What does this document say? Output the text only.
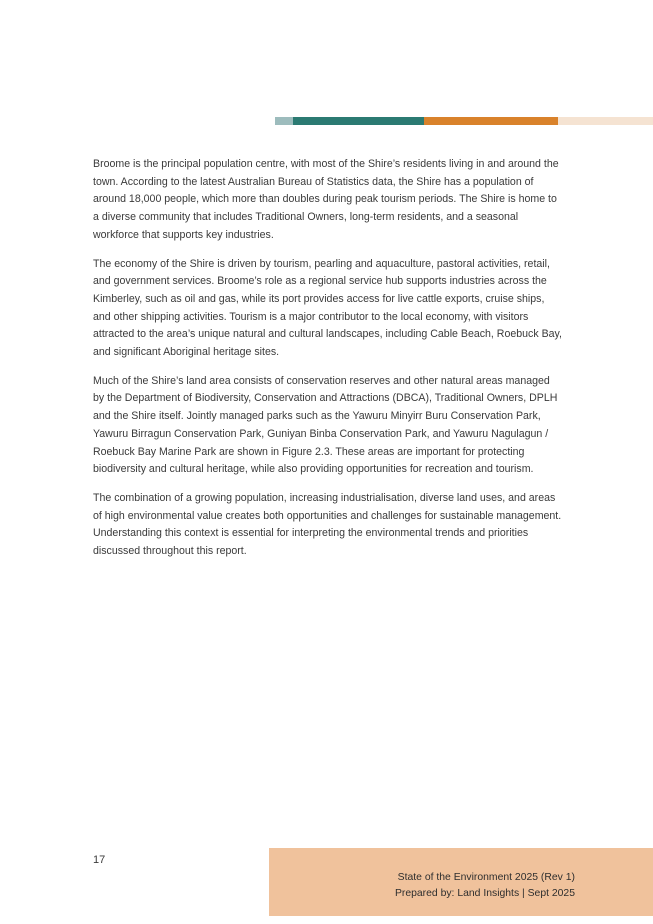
Broome is the principal population centre, with most of the Shire’s residents living in and around the town. According to the latest Australian Bureau of Statistics data, the Shire has a population of around 18,000 people, which more than doubles during peak tourism periods. The Shire is home to a diverse community that includes Traditional Owners, long-term residents, and a seasonal workforce that supports key industries.

The economy of the Shire is driven by tourism, pearling and aquaculture, pastoral activities, retail, and government services. Broome’s role as a regional service hub supports industries across the Kimberley, such as oil and gas, while its port provides access for live cattle exports, cruise ships, and other shipping activities. Tourism is a major contributor to the local economy, with visitors attracted to the area’s unique natural and cultural landscapes, including Cable Beach, Roebuck Bay, and significant Aboriginal heritage sites.

Much of the Shire’s land area consists of conservation reserves and other natural areas managed by the Department of Biodiversity, Conservation and Attractions (DBCA), Traditional Owners, DPLH and the Shire itself. Jointly managed parks such as the Yawuru Minyirr Buru Conservation Park, Yawuru Birragun Conservation Park, Guniyan Binba Conservation Park, and Yawuru Nagulagun / Roebuck Bay Marine Park are shown in Figure 2.3. These areas are important for protecting biodiversity and cultural heritage, while also providing opportunities for recreation and tourism.

The combination of a growing population, increasing industrialisation, diverse land uses, and areas of high environmental value creates both opportunities and challenges for sustainable management. Understanding this context is essential for interpreting the environmental trends and priorities discussed throughout this report.

17
State of the Environment 2025 (Rev 1)
Prepared by: Land Insights | Sept 2025
